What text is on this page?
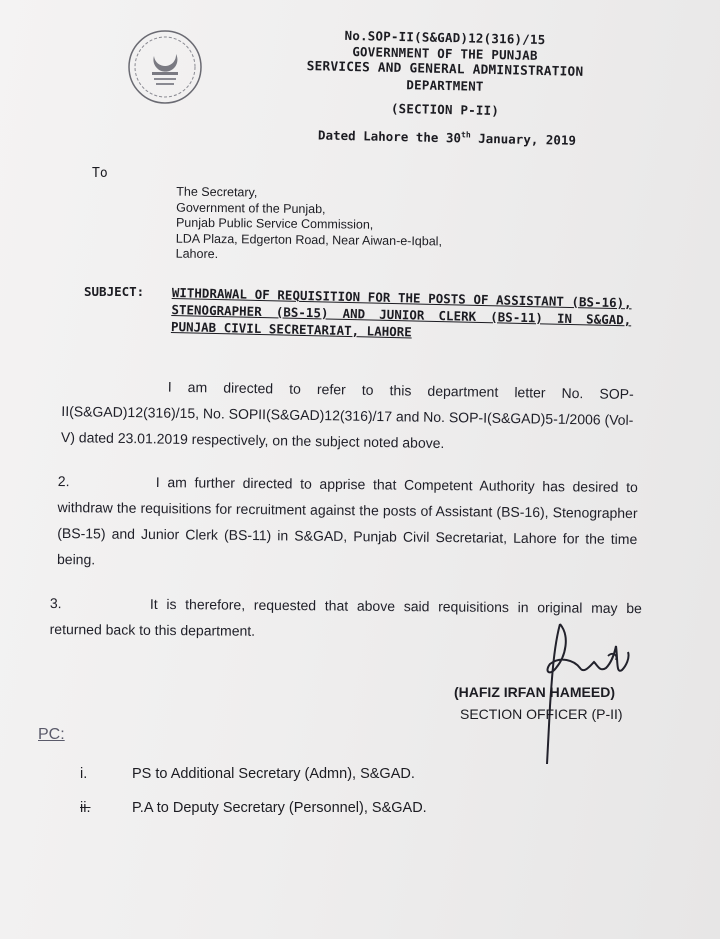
No.SOP-II(S&GAD)12(316)/15
GOVERNMENT OF THE PUNJAB
SERVICES AND GENERAL ADMINISTRATION
DEPARTMENT
(SECTION P-II)
Dated Lahore the 30th January, 2019
To
The Secretary,
Government of the Punjab,
Punjab Public Service Commission,
LDA Plaza, Edgerton Road, Near Aiwan-e-Iqbal,
Lahore.
SUBJECT: WITHDRAWAL OF REQUISITION FOR THE POSTS OF ASSISTANT (BS-16), STENOGRAPHER (BS-15) AND JUNIOR CLERK (BS-11) IN S&GAD, PUNJAB CIVIL SECRETARIAT, LAHORE
I am directed to refer to this department letter No. SOP-II(S&GAD)12(316)/15, No. SOPII(S&GAD)12(316)/17 and No. SOP-I(S&GAD)5-1/2006 (Vol-V) dated 23.01.2019 respectively, on the subject noted above.
2.	I am further directed to apprise that Competent Authority has desired to withdraw the requisitions for recruitment against the posts of Assistant (BS-16), Stenographer (BS-15) and Junior Clerk (BS-11) in S&GAD, Punjab Civil Secretariat, Lahore for the time being.
3.	It is therefore, requested that above said requisitions in original may be returned back to this department.
(HAFIZ IRFAN HAMEED)
SECTION OFFICER (P-II)
PC:
i.	PS to Additional Secretary (Admn), S&GAD.
ii.	P.A to Deputy Secretary (Personnel), S&GAD.
